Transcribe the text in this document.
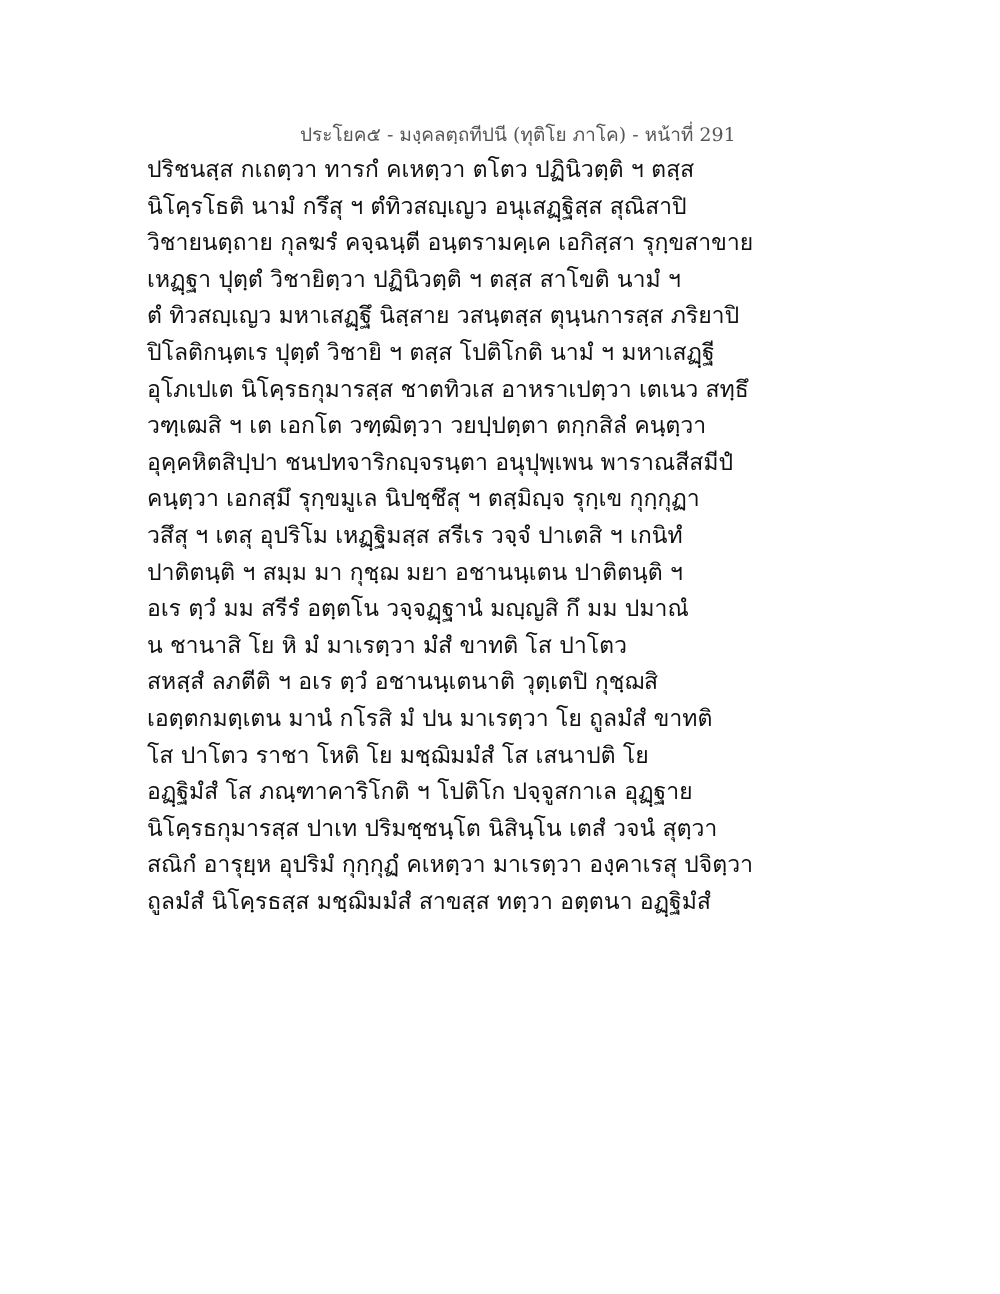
ประโยค๕ - มงฺคลตฺถทีปนี (ทุติโย ภาโค) - หน้าที่ 291
ปริชนสฺส กเถตฺวา ทารกํ คเหตฺวา ตโตว ปฏินิวตฺติ ฯ ตสฺส
นิโคฺรโธติ นามํ กรึสุ ฯ ตํทิวสญฺเญว อนุเสฏฺฐิสฺส สุณิสาปิ
วิชายนตฺถาย กุลฆรํ คจฺฉนฺตี อนฺตรามคฺเค เอกิสฺสา รุกฺขสาขาย
เหฏฺฐา ปุตฺตํ วิชายิตฺวา ปฏินิวตฺติ ฯ ตสฺส สาโขติ นามํ ฯ
ตํ ทิวสญฺเญว มหาเสฏฺฐึ นิสฺสาย วสนฺตสฺส ตุนฺนการสฺส ภริยาปิ
ปิโลติกนฺตเร ปุตฺตํ วิชายิ ฯ ตสฺส โปติโกติ นามํ ฯ มหาเสฏฺฐี
อุโภเปเต นิโคฺรธกุมารสฺส ชาตทิวเส อาหราเปตฺวา เตเนว สทฺธึ
วฑฺเฒสิ ฯ เต เอกโต วฑฺฒิตฺวา วยปฺปตฺตา ตกฺกสิลํ คนฺตฺวา
อุคฺคหิตสิปฺปา ชนปทจาริกญฺจรนฺตา อนุปุพฺเพน พาราณสีสมีปํ
คนฺตฺวา เอกสฺมึ รุกฺขมูเล นิปชฺชึสุ ฯ ตสฺมิญฺจ รุกฺเข กุกฺกุฏา
วสึสุ ฯ เตสุ อุปริโม เหฏฺฐิมสฺส สรีเร วจฺจํ ปาเตสิ ฯ เกนิทํ
ปาติตนฺติ ฯ สมฺม มา กุชฺฌ มยา อชานนฺเตน ปาติตนฺติ ฯ
อเร ตฺวํ มม สรีรํ อตฺตโน วจฺจฏฺฐานํ มญฺญสิ กึ มม ปมาณํ
น ชานาสิ โย หิ มํ มาเรตฺวา มํสํ ขาทติ โส ปาโตว
สหสฺสํ ลภตีติ ฯ อเร ตฺวํ อชานนฺเตนาติ วุตฺเตปิ กุชฺฌสิ
เอตฺตกมตฺเตน มานํ กโรสิ มํ ปน มาเรตฺวา โย ถูลมํสํ ขาทติ
โส ปาโตว ราชา โหติ โย มชฺฌิมมํสํ โส เสนาปติ โย
อฏฺฐิมํสํ โส ภณฺฑาคาริโกติ ฯ โปติโก ปจฺจูสกาเล อุฏฺฐาย
นิโคฺรธกุมารสฺส ปาเท ปริมชฺชนฺโต นิสินฺโน เตสํ วจนํ สุตฺวา
สณิกํ อารุยฺห อุปริมํ กุกฺกุฏํ คเหตฺวา มาเรตฺวา องฺคาเรสุ ปจิตฺวา
ถูลมํสํ นิโคฺรธสฺส มชฺฌิมมํสํ สาขสฺส ทตฺวา อตฺตนา อฏฺฐิมํสํ
